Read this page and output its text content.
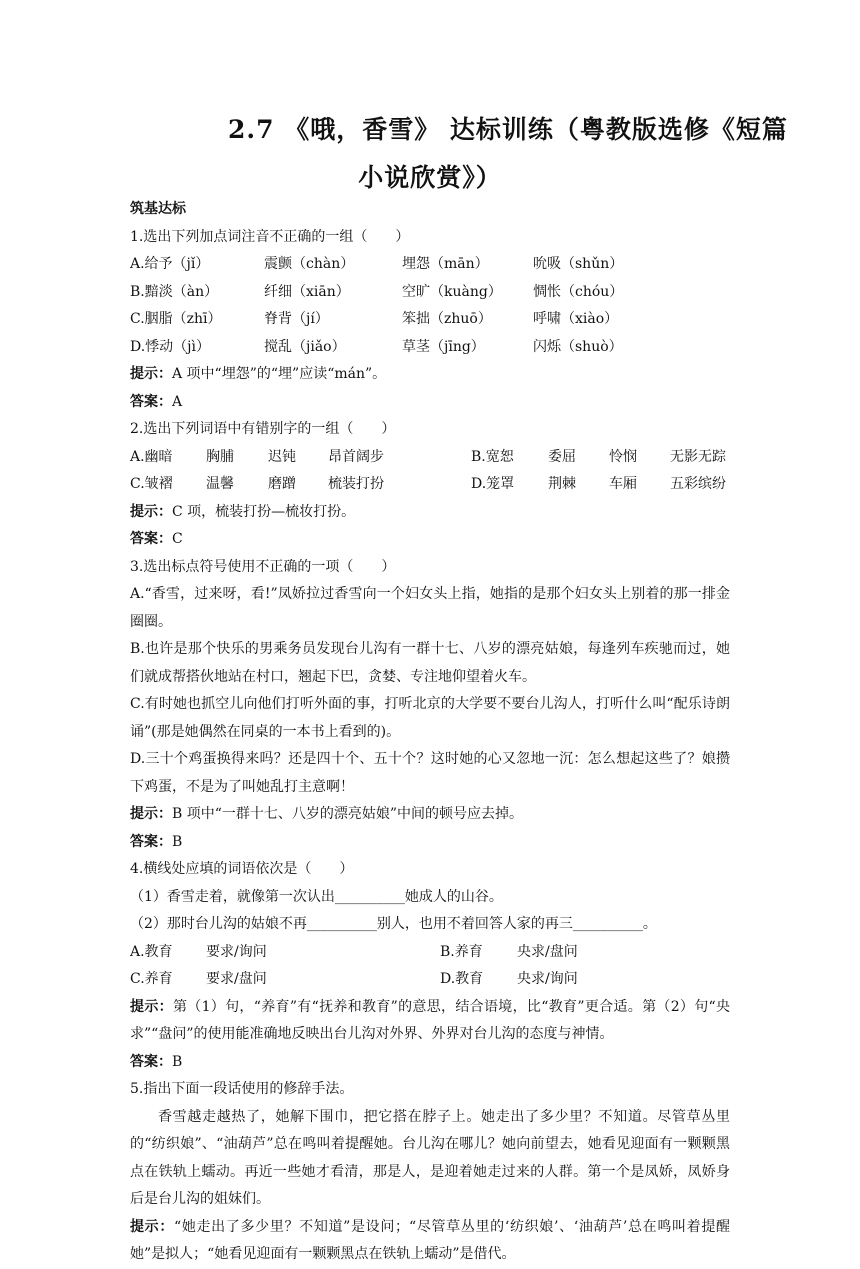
2.7 《哦，香雪》 达标训练（粤教版选修《短篇
小说欣赏》）
筑基达标
1.选出下列加点词注音不正确的一组（　　）
A.给予（jǐ）	震颤（chàn）	埋怨（mān）	吮吸（shǔn）
B.黯淡（àn）	纤细（xiān）	空旷（kuàng） 惆怅（chóu）
C.胭脂（zhī）	脊背（jí）	笨拙（zhuō）	呼啸（xiào）
D.悸动（jì）	搅乱（jiǎo）	草茎（jīng）	闪烁（shuò）
提示：A 项中“埋怨”的“埋”应读“mán”。
答案：A
2.选出下列词语中有错别字的一组（　　）
A.幽暗 胸脯 迟钝 昂首阔步	B.宽恕 委屈 怜悯 无影无踪
C.皱褶 温馨 磨蹭 梳装打扮	D.笼罩 荆棘 车厢 五彩缤纷
提示：C 项，梳装打扮—梳妆打扮。
答案：C
3.选出标点符号使用不正确的一项（　　）
A.“香雪，过来呀，看!”凤娇拉过香雪向一个妇女头上指，她指的是那个妇女头上别着的那一排金圈圈。
B.也许是那个快乐的男乘务员发现台儿沟有一群十七、八岁的漂亮姑娘，每逢列车疾驰而过，她们就成帮搭伙地站在村口，翘起下巴，贪婪、专注地仰望着火车。
C.有时她也抓空儿向他们打听外面的事，打听北京的大学要不要台儿沟人，打听什么叫“配乐诗朗诵”(那是她偶然在同桌的一本书上看到的)。
D.三十个鸡蛋换得来吗？还是四十个、五十个？这时她的心又忽地一沉：怎么想起这些了？娘攒下鸡蛋，不是为了叫她乱打主意啊！
提示：B 项中“一群十七、八岁的漂亮姑娘”中间的顿号应去掉。
答案：B
4.横线处应填的词语依次是（　　）
（1）香雪走着，就像第一次认出__________她成人的山谷。
（2）那时台儿沟的姑娘不再__________别人，也用不着回答人家的再三__________。
A.教育 要求/询问	B.养育 央求/盘问
C.养育 要求/盘问	D.教育 央求/询问
提示：第（1）句，“养育”有“抚养和教育”的意思，结合语境，比“教育”更合适。第（2）句“央求”“盘问”的使用能准确地反映出台儿沟对外界、外界对台儿沟的态度与神情。
答案：B
5.指出下面一段话使用的修辞手法。
香雪越走越热了，她解下围巾，把它搭在脖子上。她走出了多少里？不知道。尽管草丛里的“纺织娘”、“油葫芦”总在鸣叫着提醒她。台儿沟在哪儿？她向前望去，她看见迎面有一颗颗黑点在铁轨上蠕动。再近一些她才看清，那是人，是迎着她走过来的人群。第一个是凤娇，凤娇身后是台儿沟的姐妹们。
提示：“她走出了多少里？不知道”是设问；“尽管草丛里的‘纺织娘’、‘油葫芦’总在鸣叫着提醒她”是拟人；“她看见迎面有一颗颗黑点在铁轨上蠕动”是借代。
